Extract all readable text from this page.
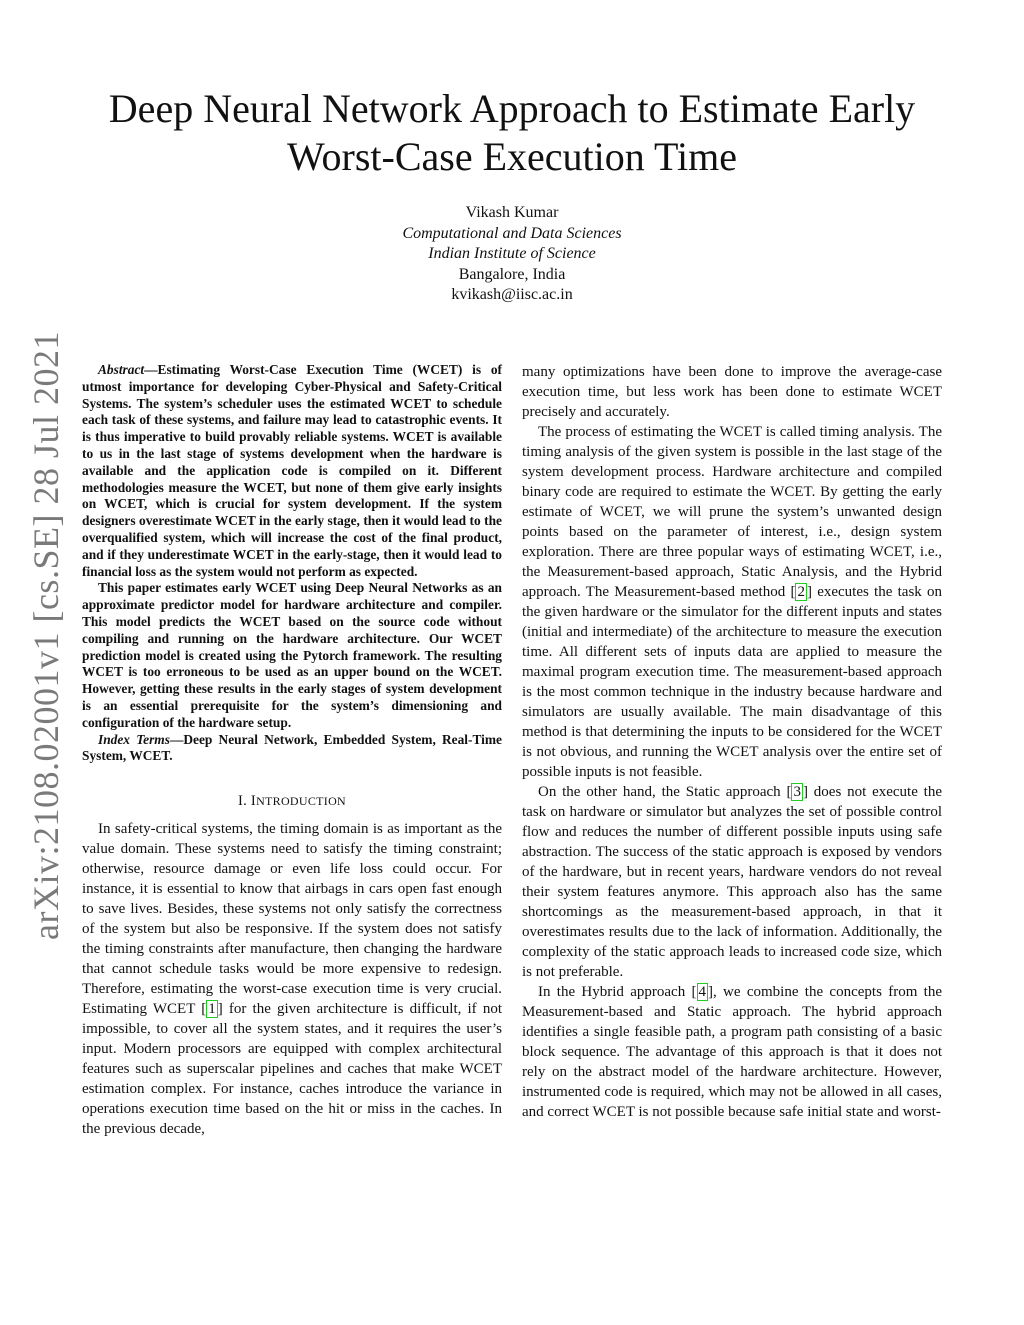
arXiv:2108.02001v1 [cs.SE] 28 Jul 2021
Deep Neural Network Approach to Estimate Early Worst-Case Execution Time
Vikash Kumar
Computational and Data Sciences
Indian Institute of Science
Bangalore, India
kvikash@iisc.ac.in

Abstract—Estimating Worst-Case Execution Time (WCET) is of utmost importance for developing Cyber-Physical and Safety-Critical Systems. The system’s scheduler uses the estimated WCET to schedule each task of these systems, and failure may lead to catastrophic events. It is thus imperative to build provably reliable systems. WCET is available to us in the last stage of systems development when the hardware is available and the application code is compiled on it. Different methodologies measure the WCET, but none of them give early insights on WCET, which is crucial for system development. If the system designers overestimate WCET in the early stage, then it would lead to the overqualified system, which will increase the cost of the final product, and if they underestimate WCET in the early-stage, then it would lead to financial loss as the system would not perform as expected.

This paper estimates early WCET using Deep Neural Networks as an approximate predictor model for hardware architecture and compiler. This model predicts the WCET based on the source code without compiling and running on the hardware architecture. Our WCET prediction model is created using the Pytorch framework. The resulting WCET is too erroneous to be used as an upper bound on the WCET. However, getting these results in the early stages of system development is an essential prerequisite for the system’s dimensioning and configuration of the hardware setup.

Index Terms—Deep Neural Network, Embedded System, Real-Time System, WCET.

I. INTRODUCTION

In safety-critical systems, the timing domain is as important as the value domain. These systems need to satisfy the timing constraint; otherwise, resource damage or even life loss could occur. For instance, it is essential to know that airbags in cars open fast enough to save lives. Besides, these systems not only satisfy the correctness of the system but also be responsive. If the system does not satisfy the timing constraints after manufacture, then changing the hardware that cannot schedule tasks would be more expensive to redesign. Therefore, estimating the worst-case execution time is very crucial. Estimating WCET [ 1 ] for the given architecture is difficult, if not impossible, to cover all the system states, and it requires the user’s input. Modern processors are equipped with complex architectural features such as superscalar pipelines and caches that make WCET estimation complex. For instance, caches introduce the variance in operations execution time based on the hit or miss in the caches. In the previous decade,

many optimizations have been done to improve the average-case execution time, but less work has been done to estimate WCET precisely and accurately.

The process of estimating the WCET is called timing analysis. The timing analysis of the given system is possible in the last stage of the system development process. Hardware architecture and compiled binary code are required to estimate the WCET. By getting the early estimate of WCET, we will prune the system’s unwanted design points based on the parameter of interest, i.e., design system exploration. There are three popular ways of estimating WCET, i.e., the Measurement-based approach, Static Analysis, and the Hybrid approach. The Measurement-based method [ 2 ] executes the task on the given hardware or the simulator for the different inputs and states (initial and intermediate) of the architecture to measure the execution time. All different sets of inputs data are applied to measure the maximal program execution time. The measurement-based approach is the most common technique in the industry because hardware and simulators are usually available. The main disadvantage of this method is that determining the inputs to be considered for the WCET is not obvious, and running the WCET analysis over the entire set of possible inputs is not feasible.

On the other hand, the Static approach [ 3 ] does not execute the task on hardware or simulator but analyzes the set of possible control flow and reduces the number of different possible inputs using safe abstraction. The success of the static approach is exposed by vendors of the hardware, but in recent years, hardware vendors do not reveal their system features anymore. This approach also has the same shortcomings as the measurement-based approach, in that it overestimates results due to the lack of information. Additionally, the complexity of the static approach leads to increased code size, which is not preferable.

In the Hybrid approach [ 4 ], we combine the concepts from the Measurement-based and Static approach. The hybrid approach identifies a single feasible path, a program path consisting of a basic block sequence. The advantage of this approach is that it does not rely on the abstract model of the hardware architecture. However, instrumented code is required, which may not be allowed in all cases, and correct WCET is not possible because safe initial state and worst-
